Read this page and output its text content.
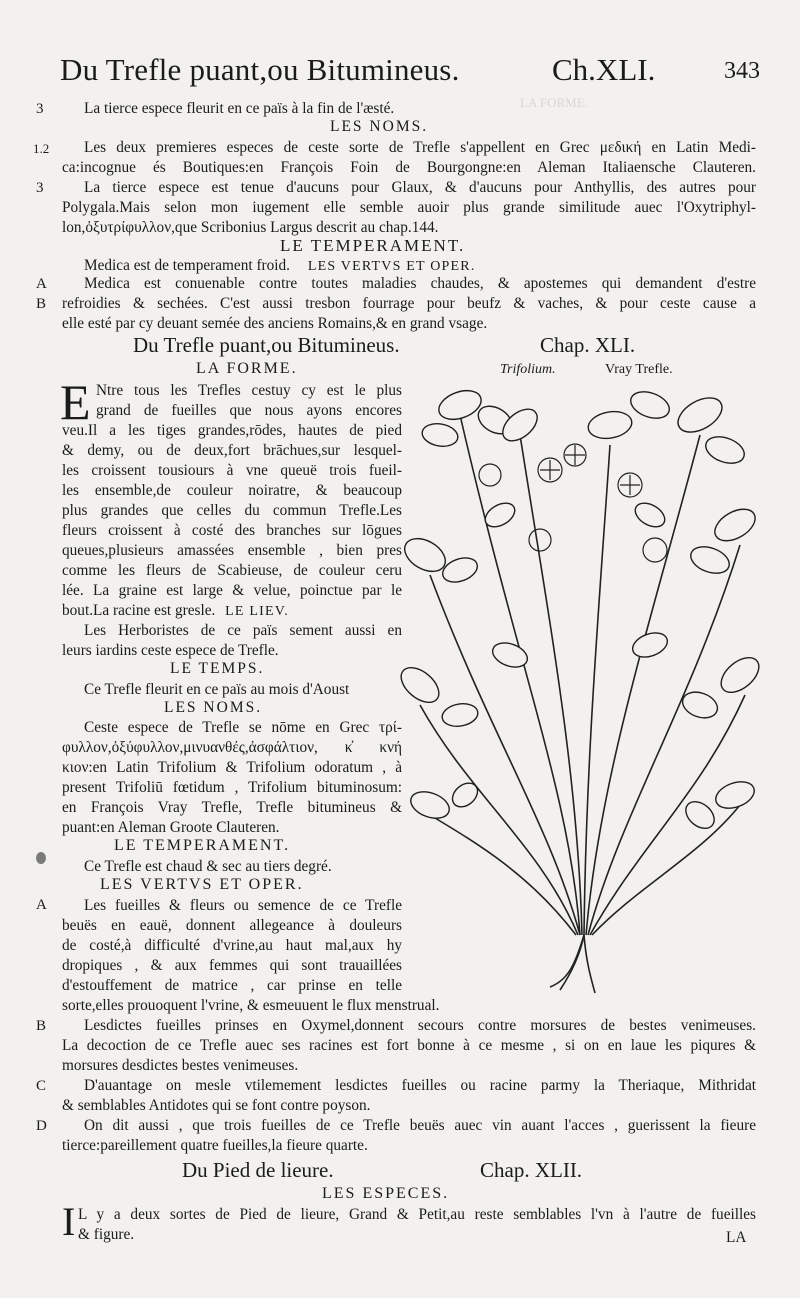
LA FORME.
Du Trefle puant,ou Bitumineus.	Ch.XLI.	343
3	La tierce espece fleurit en ce païs à la fin de l'æsté.
LES NOMS.
1.2 Les deux premieres especes de ceste sorte de Trefle s'appellent en Grec μεδική en Latin Medi-
ca:incognue és Boutiques:en François Foin de Bourgongne:en Aleman Italiaensche Clauteren.
3	La tierce espece est tenue d'aucuns pour Glaux, & d'aucuns pour Anthyllis, des autres pour
Polygala.Mais selon mon iugement elle semble auoir plus grande similitude auec l'Oxytriphyl-
lon,ὀξυτρίφυλλον,que Scribonius Largus descrit au chap.144.
LE TEMPERAMENT.
Medica est de temperament froid. LES VERTVS ET OPER.
A Medica est conuenable contre toutes maladies chaudes, & apostemes qui demandent d'estre
B refroidies & sechées. C'est aussi tresbon fourrage pour beufz & vaches, & pour ceste cause a
elle esté par cy deuant semée des anciens Romains,& en grand vsage.
Du Trefle puant,ou Bitumineus.	Chap. XLI.
Trifolium.	Vray Trefle.
LA FORME.
E Ntre tous les Trefles cestuy cy est le plus
grand de fueilles que nous ayons encores
veu.Il a les tiges grandes,rōdes, hautes de pied
& demy, ou de deux,fort brāchues,sur lesquel-
les croissent tousiours à vne queuë trois fueil-
les ensemble,de couleur noiratre, & beaucoup
plus grandes que celles du commun Trefle.Les
fleurs croissent à costé des branches sur lōgues
queues,plusieurs amassées ensemble , bien pres
comme les fleurs de Scabieuse, de couleur ceru
lée. La graine est large & velue, poinctue par le
bout.La racine est gresle. LE LIEV.
Les Herboristes de ce païs sement aussi en
leurs iardins ceste espece de Trefle.
LE TEMPS.
Ce Trefle fleurit en ce païs au mois d'Aoust
LES NOMS.
Ceste espece de Trefle se nōme en Grec τρί-
φυλλον,ὀξύφυλλον,μινυανθές,ἀσφάλτιον, κ̓ κνή
κιον:en Latin Trifolium & Trifolium odoratum , à
present Trifoliū fœtidum , Trifolium bituminosum:
en François Vray Trefle, Trefle bitumineus &
puant:en Aleman Groote Clauteren.
LE TEMPERAMENT.
Ce Trefle est chaud & sec au tiers degré.
LES VERTVS ET OPER.
A Les fueilles & fleurs ou semence de ce Trefle
beuës en eauë, donnent allegeance à douleurs
de costé,à difficulté d'vrine,au haut mal,aux hy
dropiques , & aux femmes qui sont trauaillées
d'estouffement de matrice , car prinse en telle
sorte,elles prouoquent l'vrine, & esmeuuent le flux menstrual.
B Lesdictes fueilles prinses en Oxymel,donnent secours contre morsures de bestes venimeuses.
La decoction de ce Trefle auec ses racines est fort bonne à ce mesme , si on en laue les piqures &
morsures desdictes bestes venimeuses.
C D'auantage on mesle vtilemement lesdictes fueilles ou racine parmy la Theriaque, Mithridat
& semblables Antidotes qui se font contre poyson.
D On dit aussi , que trois fueilles de ce Trefle beuës auec vin auant l'acces , guerissent la fieure
tierce:pareillement quatre fueilles,la fieure quarte.
Du Pied de lieure.	Chap. XLII.
LES ESPECES.
I L y a deux sortes de Pied de lieure, Grand & Petit,au reste semblables l'vn à l'autre de fueilles
& figure.	LA
